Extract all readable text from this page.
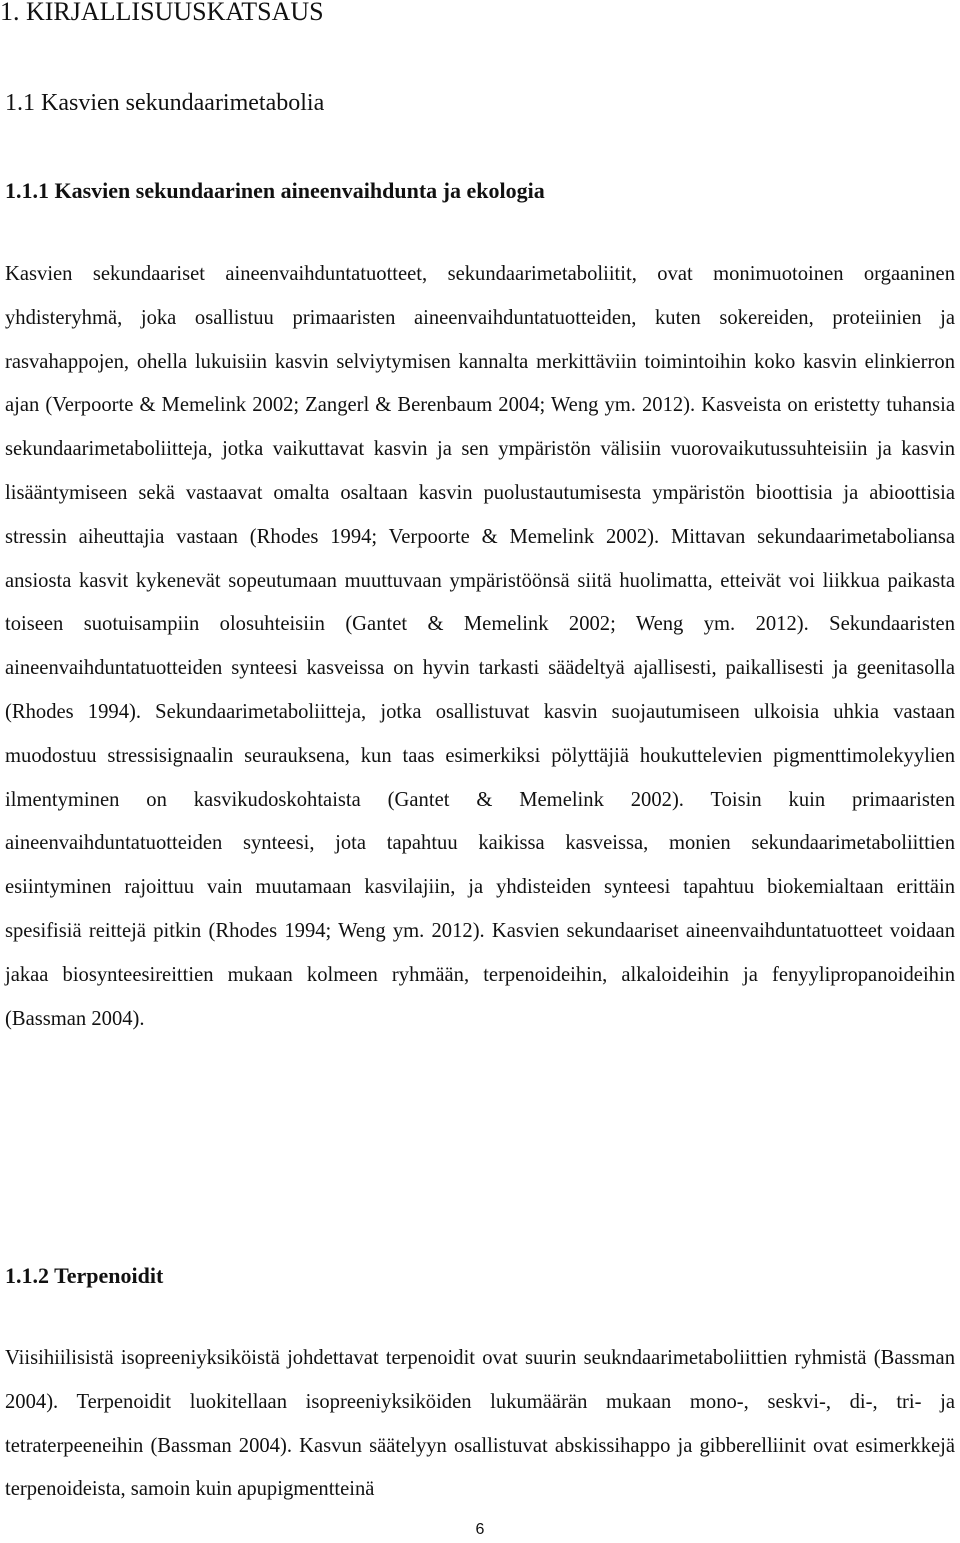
1. KIRJALLISUUSKATSAUS
1.1 Kasvien sekundaarimetabolia
1.1.1 Kasvien sekundaarinen aineenvaihdunta ja ekologia

Kasvien sekundaariset aineenvaihduntatuotteet, sekundaarimetaboliitit, ovat monimuotoinen orgaaninen yhdisteryhmä, joka osallistuu primaaristen aineenvaihduntatuotteiden, kuten sokereiden, proteiinien ja rasvahappojen, ohella lukuisiin kasvin selviytymisen kannalta merkittäviin toimintoihin koko kasvin elinkierron ajan (Verpoorte & Memelink 2002; Zangerl & Berenbaum 2004; Weng ym. 2012). Kasveista on eristetty tuhansia sekundaarimetaboliitteja, jotka vaikuttavat kasvin ja sen ympäristön välisiin vuorovaikutussuhteisiin ja kasvin lisääntymiseen sekä vastaavat omalta osaltaan kasvin puolustautumisesta ympäristön bioottisia ja abioottisia stressin aiheuttajia vastaan (Rhodes 1994; Verpoorte & Memelink 2002). Mittavan sekundaarimetaboliansa ansiosta kasvit kykenevät sopeutumaan muuttuvaan ympäristöönsä siitä huolimatta, etteivät voi liikkua paikasta toiseen suotuisampiin olosuhteisiin (Gantet & Memelink 2002; Weng ym. 2012). Sekundaaristen aineenvaihduntatuotteiden synteesi kasveissa on hyvin tarkasti säädeltyä ajallisesti, paikallisesti ja geenitasolla (Rhodes 1994). Sekundaarimetaboliitteja, jotka osallistuvat kasvin suojautumiseen ulkoisia uhkia vastaan muodostuu stressisignaalin seurauksena, kun taas esimerkiksi pölyttäjiä houkuttelevien pigmenttimolekyylien ilmentyminen on kasvikudoskohtaista (Gantet & Memelink 2002). Toisin kuin primaaristen aineenvaihduntatuotteiden synteesi, jota tapahtuu kaikissa kasveissa, monien sekundaarimetaboliittien esiintyminen rajoittuu vain muutamaan kasvilajiin, ja yhdisteiden synteesi tapahtuu biokemialtaan erittäin spesifisiä reittejä pitkin (Rhodes 1994; Weng ym. 2012). Kasvien sekundaariset aineenvaihduntatuotteet voidaan jakaa biosynteesireittien mukaan kolmeen ryhmään, terpenoideihin, alkaloideihin ja fenyylipropanoideihin (Bassman 2004).

1.1.2 Terpenoidit

Viisihiilisistä isopreeniyksiköistä johdettavat terpenoidit ovat suurin seukndaarimetaboliittien ryhmistä (Bassman 2004). Terpenoidit luokitellaan isopreeniyksiköiden lukumäärän mukaan mono-, seskvi-, di-, tri- ja tetraterpeeneihin (Bassman 2004). Kasvun säätelyyn osallistuvat abskissihappo ja gibberelliinit ovat esimerkkejä terpenoideista, samoin kuin apupigmentteinä

6
